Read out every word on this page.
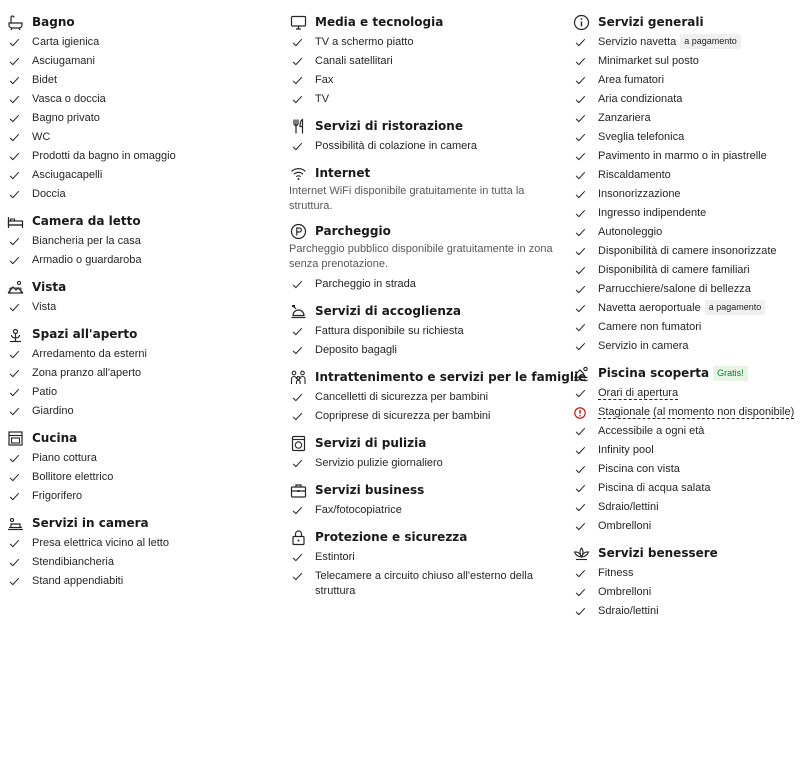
Bagno
Carta igienica
Asciugamani
Bidet
Vasca o doccia
Bagno privato
WC
Prodotti da bagno in omaggio
Asciugacapelli
Doccia
Camera da letto
Biancheria per la casa
Armadio o guardaroba
Vista
Vista
Spazi all'aperto
Arredamento da esterni
Zona pranzo all'aperto
Patio
Giardino
Cucina
Piano cottura
Bollitore elettrico
Frigorifero
Servizi in camera
Presa elettrica vicino al letto
Stendibiancheria
Stand appendiabiti
Media e tecnologia
TV a schermo piatto
Canali satellitari
Fax
TV
Servizi di ristorazione
Possibilità di colazione in camera
Internet
Internet WiFi disponibile gratuitamente in tutta la struttura.
Parcheggio
Parcheggio pubblico disponibile gratuitamente in zona senza prenotazione.
Parcheggio in strada
Servizi di accoglienza
Fattura disponibile su richiesta
Deposito bagagli
Intrattenimento e servizi per le famiglie
Cancelletti di sicurezza per bambini
Copriprese di sicurezza per bambini
Servizi di pulizia
Servizio pulizie giornaliero
Servizi business
Fax/fotocopiatrice
Protezione e sicurezza
Estintori
Telecamere a circuito chiuso all'esterno della struttura
Servizi generali
Servizio navetta a pagamento
Minimarket sul posto
Area fumatori
Aria condizionata
Zanzariera
Sveglia telefonica
Pavimento in marmo o in piastrelle
Riscaldamento
Insonorizzazione
Ingresso indipendente
Autonoleggio
Disponibilità di camere insonorizzate
Disponibilità di camere familiari
Parrucchiere/salone di bellezza
Navetta aeroportuale a pagamento
Camere non fumatori
Servizio in camera
Piscina scoperta Gratis!
Orari di apertura
Stagionale (al momento non disponibile)
Accessibile a ogni età
Infinity pool
Piscina con vista
Piscina di acqua salata
Sdraio/lettini
Ombrelloni
Servizi benessere
Fitness
Ombrelloni
Sdraio/lettini
